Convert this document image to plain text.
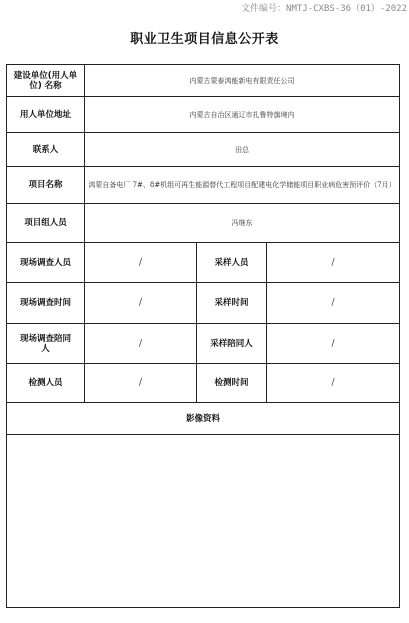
文件编号：NMTJ-CXBS-36（01）-2022
职业卫生项目信息公开表
建设单位(用人单位) 名称	内蒙古蒙泰鸿能新电有限责任公司		
用人单位地址	内蒙古自治区通辽市扎鲁特旗境内		
联系人	田总		
项目名称	鸿蒙自备电厂 7#、8#机组可再生能源替代工程项目配建电化学储能项目职业病危害预评价（7月）		
项目组人员	冯继东		
现场调查人员	/	采样人员	/
现场调查时间	/	采样时间	/
现场调查陪同人	/	采样陪同人	/
检测人员	/	检测时间	/
影像资料			
